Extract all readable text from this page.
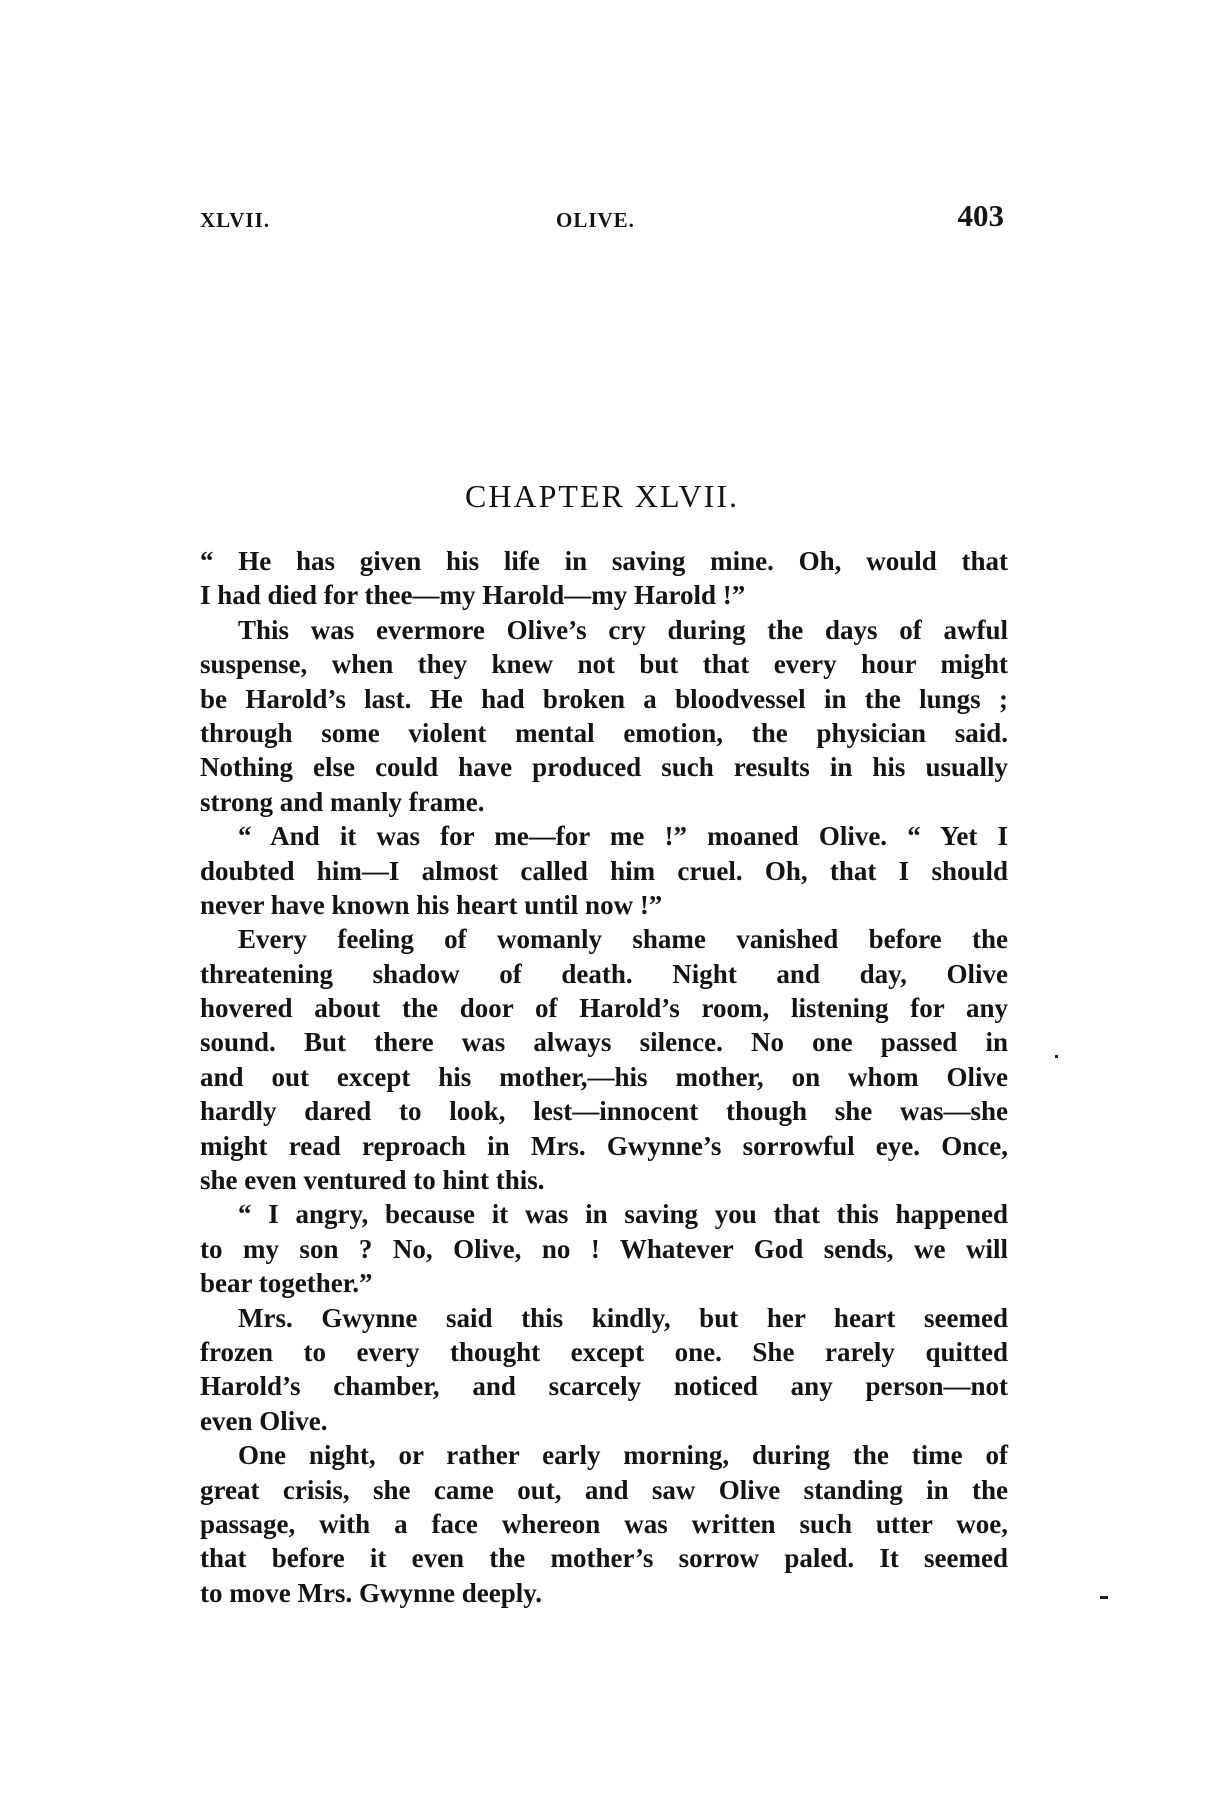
XLVII.	OLIVE.	403
CHAPTER XLVII.
“ He has given his life in saving mine. Oh, would that
I had died for thee—my Harold—my Harold !”
This was evermore Olive’s cry during the days of awful
suspense, when they knew not but that every hour might
be Harold’s last. He had broken a bloodvessel in the lungs ;
through some violent mental emotion, the physician said.
Nothing else could have produced such results in his usually
strong and manly frame.
“ And it was for me—for me !” moaned Olive. “ Yet I
doubted him—I almost called him cruel. Oh, that I should
never have known his heart until now !”
Every feeling of womanly shame vanished before the
threatening shadow of death. Night and day, Olive
hovered about the door of Harold’s room, listening for any
sound. But there was always silence. No one passed in
and out except his mother,—his mother, on whom Olive
hardly dared to look, lest—innocent though she was—she
might read reproach in Mrs. Gwynne’s sorrowful eye. Once,
she even ventured to hint this.
“ I angry, because it was in saving you that this happened
to my son ? No, Olive, no ! Whatever God sends, we will
bear together.”
Mrs. Gwynne said this kindly, but her heart seemed
frozen to every thought except one. She rarely quitted
Harold’s chamber, and scarcely noticed any person—not
even Olive.
One night, or rather early morning, during the time of
great crisis, she came out, and saw Olive standing in the
passage, with a face whereon was written such utter woe,
that before it even the mother’s sorrow paled. It seemed
to move Mrs. Gwynne deeply.
